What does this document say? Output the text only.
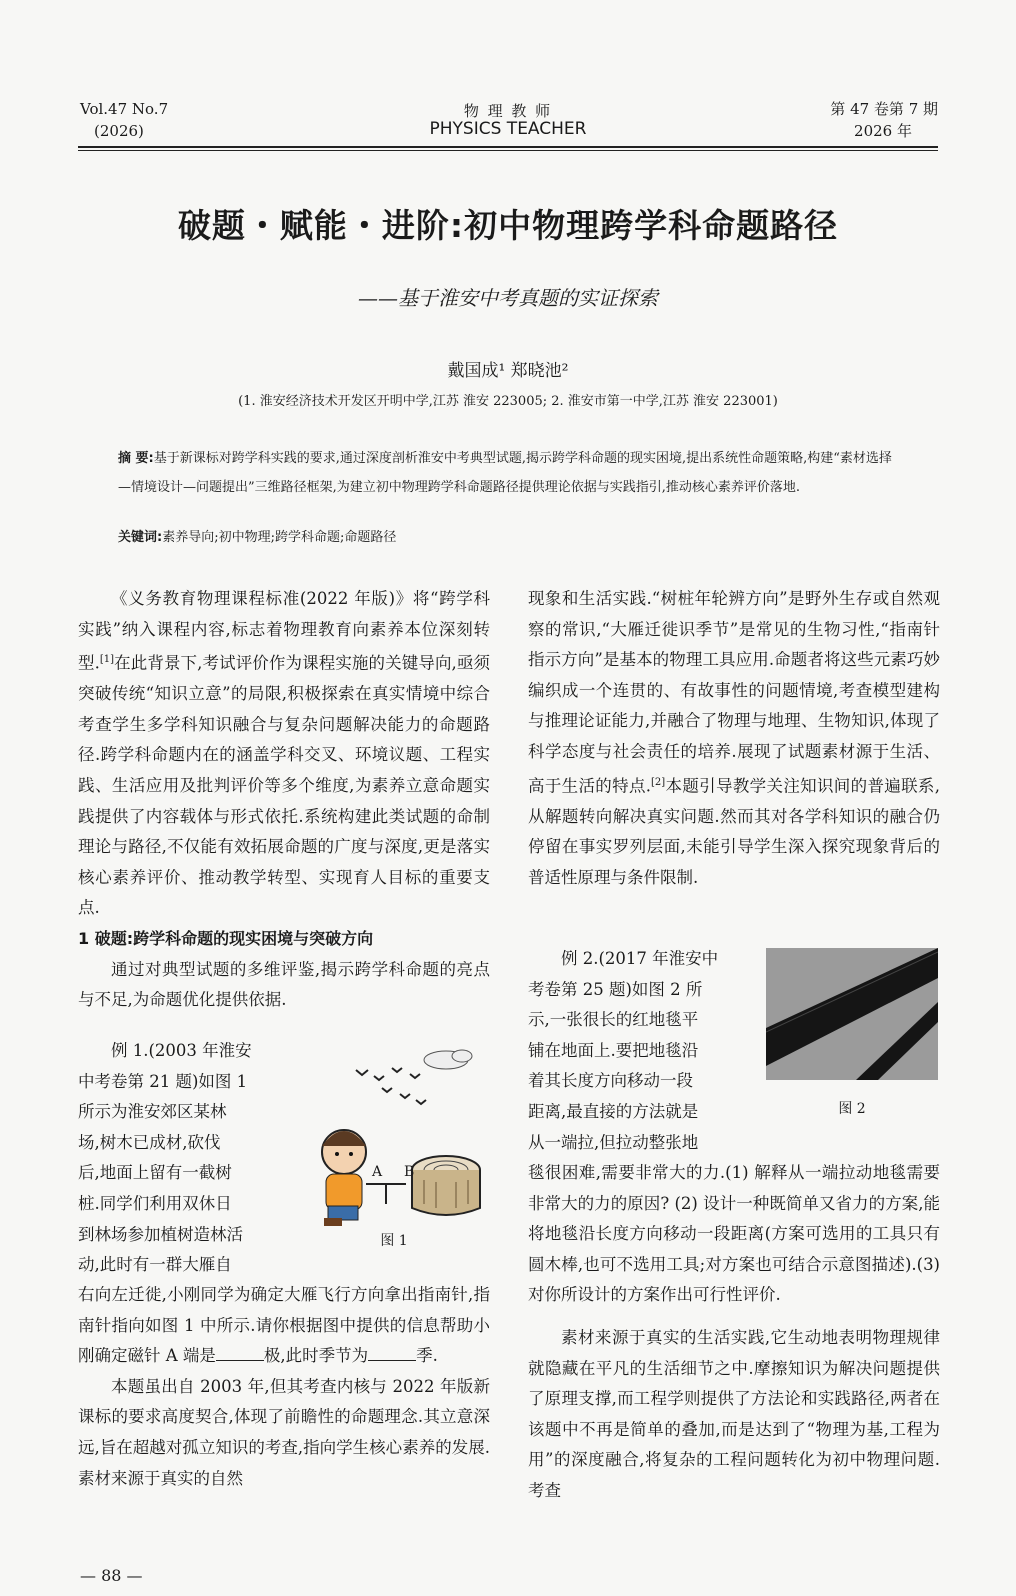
Vol.47 No.7
(2026)
物 理 教 师
PHYSICS TEACHER
第 47 卷第 7 期
2026 年
破题・赋能・进阶:初中物理跨学科命题路径
——基于淮安中考真题的实证探索
戴国成¹ 郑晓池²
(1. 淮安经济技术开发区开明中学,江苏 淮安 223005; 2. 淮安市第一中学,江苏 淮安 223001)
摘 要:基于新课标对跨学科实践的要求,通过深度剖析淮安中考典型试题,揭示跨学科命题的现实困境,提出系统性命题策略,构建“素材选择—情境设计—问题提出”三维路径框架,为建立初中物理跨学科命题路径提供理论依据与实践指引,推动核心素养评价落地.
关键词:素养导向;初中物理;跨学科命题;命题路径

《义务教育物理课程标准(2022 年版)》将“跨学科实践”纳入课程内容,标志着物理教育向素养本位深刻转型.[1]在此背景下,考试评价作为课程实施的关键导向,亟须突破传统“知识立意”的局限,积极探索在真实情境中综合考查学生多学科知识融合与复杂问题解决能力的命题路径.跨学科命题内在的涵盖学科交叉、环境议题、工程实践、生活应用及批判评价等多个维度,为素养立意命题实践提供了内容载体与形式依托.系统构建此类试题的命制理论与路径,不仅能有效拓展命题的广度与深度,更是落实核心素养评价、推动教学转型、实现育人目标的重要支点.

1 破题:跨学科命题的现实困境与突破方向

通过对典型试题的多维评鉴,揭示跨学科命题的亮点与不足,为命题优化提供依据.

例 1.(2003 年淮安
中考卷第 21 题)如图 1
所示为淮安郊区某林
场,树木已成材,砍伐
后,地面上留有一截树
桩.同学们利用双休日
到林场参加植树造林活
动,此时有一群大雁自
A B
图 1

右向左迁徙,小刚同学为确定大雁飞行方向拿出指南针,指南针指向如图 1 中所示.请你根据图中提供的信息帮助小刚确定磁针 A 端是	极,此时季节为	季.

本题虽出自 2003 年,但其考查内核与 2022 年版新课标的要求高度契合,体现了前瞻性的命题理念.其立意深远,旨在超越对孤立知识的考查,指向学生核心素养的发展.素材来源于真实的自然

现象和生活实践.“树桩年轮辨方向”是野外生存或自然观察的常识,“大雁迁徙识季节”是常见的生物习性,“指南针指示方向”是基本的物理工具应用.命题者将这些元素巧妙编织成一个连贯的、有故事性的问题情境,考查模型建构与推理论证能力,并融合了物理与地理、生物知识,体现了科学态度与社会责任的培养.展现了试题素材源于生活、高于生活的特点.[2]本题引导教学关注知识间的普遍联系,从解题转向解决真实问题.然而其对各学科知识的融合仍停留在事实罗列层面,未能引导学生深入探究现象背后的普适性原理与条件限制.

例 2.(2017 年淮安中
考卷第 25 题)如图 2 所
示,一张很长的红地毯平
铺在地面上.要把地毯沿
着其长度方向移动一段
距离,最直接的方法就是
从一端拉,但拉动整张地
图 2

毯很困难,需要非常大的力.(1) 解释从一端拉动地毯需要非常大的力的原因? (2) 设计一种既简单又省力的方案,能将地毯沿长度方向移动一段距离(方案可选用的工具只有圆木棒,也可不选用工具;对方案也可结合示意图描述).(3) 对你所设计的方案作出可行性评价.

素材来源于真实的生活实践,它生动地表明物理规律就隐藏在平凡的生活细节之中.摩擦知识为解决问题提供了原理支撑,而工程学则提供了方法论和实践路径,两者在该题中不再是简单的叠加,而是达到了“物理为基,工程为用”的深度融合,将复杂的工程问题转化为初中物理问题.考查

— 88 —
